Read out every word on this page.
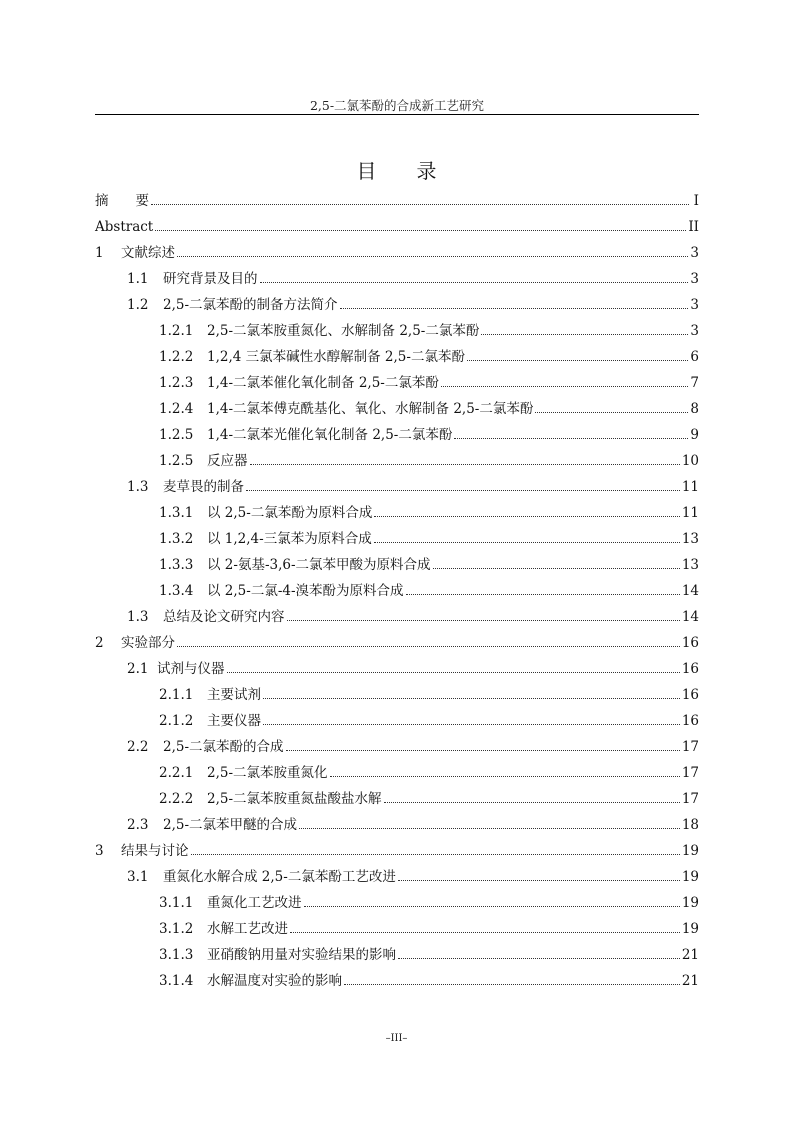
2,5-二氯苯酚的合成新工艺研究
目录
摘　　要	I
Abstract	II
1	文献综述	3
1.1	研究背景及目的	3
1.2	2,5-二氯苯酚的制备方法简介	3
1.2.1	2,5-二氯苯胺重氮化、水解制备 2,5-二氯苯酚	3
1.2.2	1,2,4 三氯苯碱性水醇解制备 2,5-二氯苯酚	6
1.2.3	1,4-二氯苯催化氧化制备 2,5-二氯苯酚	7
1.2.4	1,4-二氯苯傅克酰基化、氧化、水解制备 2,5-二氯苯酚	8
1.2.5	1,4-二氯苯光催化氧化制备 2,5-二氯苯酚	9
1.2.5	反应器	10
1.3	麦草畏的制备	11
1.3.1	以 2,5-二氯苯酚为原料合成	11
1.3.2	以 1,2,4-三氯苯为原料合成	13
1.3.3	以 2-氨基-3,6-二氯苯甲酸为原料合成	13
1.3.4	以 2,5-二氯-4-溴苯酚为原料合成	14
1.3	总结及论文研究内容	14
2	实验部分	16
2.1 试剂与仪器	16
2.1.1	主要试剂	16
2.1.2	主要仪器	16
2.2	2,5-二氯苯酚的合成	17
2.2.1	2,5-二氯苯胺重氮化	17
2.2.2	2,5-二氯苯胺重氮盐酸盐水解	17
2.3	2,5-二氯苯甲醚的合成	18
3	结果与讨论	19
3.1	重氮化水解合成 2,5-二氯苯酚工艺改进	19
3.1.1	重氮化工艺改进	19
3.1.2	水解工艺改进	19
3.1.3	亚硝酸钠用量对实验结果的影响	21
3.1.4	水解温度对实验的影响	21
–III–
